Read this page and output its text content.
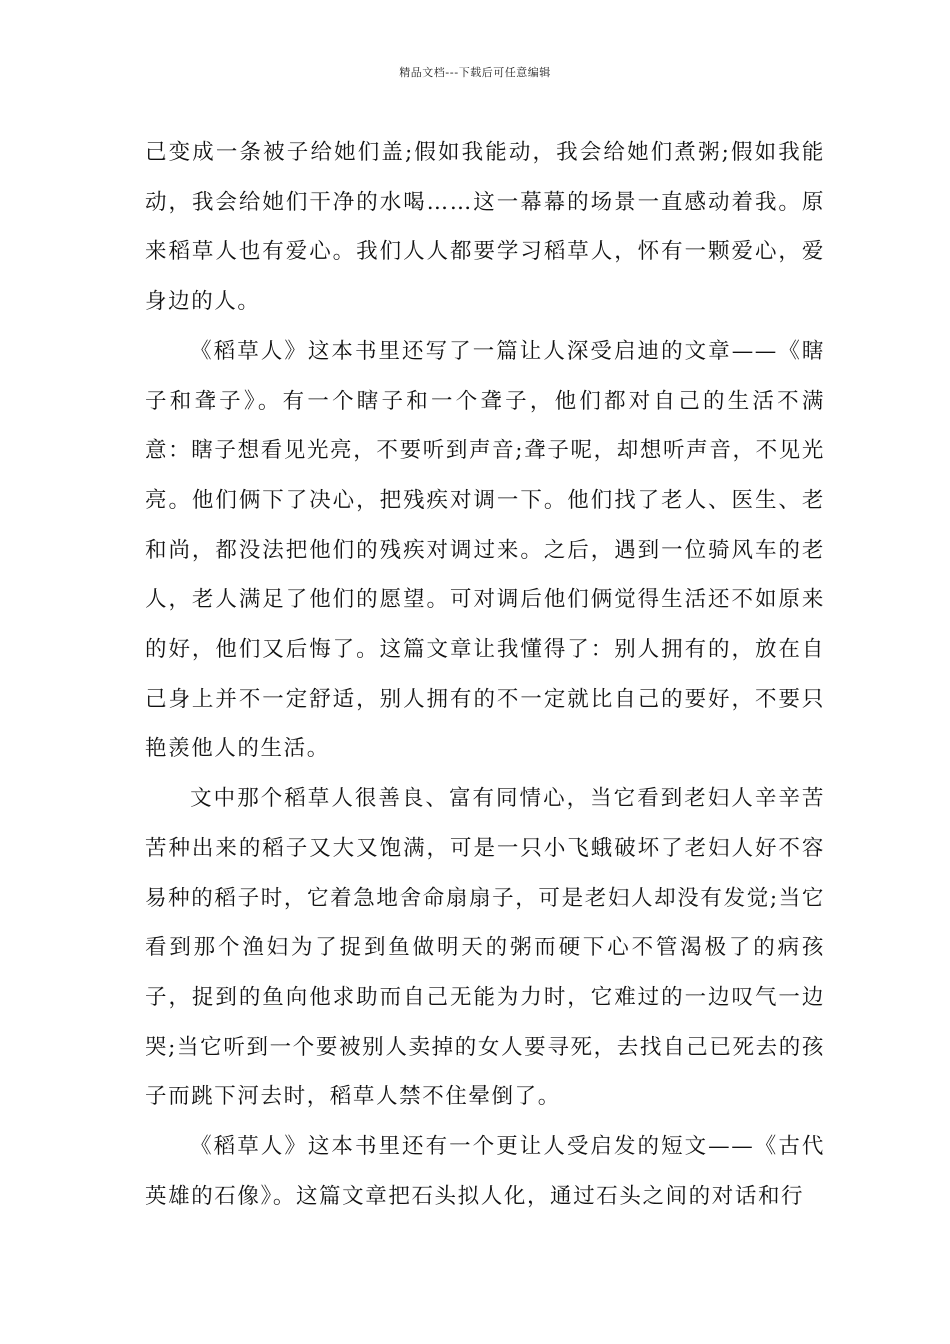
精品文档---下载后可任意编辑

己变成一条被子给她们盖;假如我能动，我会给她们煮粥;假如我能动，我会给她们干净的水喝……这一幕幕的场景一直感动着我。原来稻草人也有爱心。我们人人都要学习稻草人，怀有一颗爱心，爱身边的人。

《稻草人》这本书里还写了一篇让人深受启迪的文章——《瞎子和聋子》。有一个瞎子和一个聋子，他们都对自己的生活不满意：瞎子想看见光亮，不要听到声音;聋子呢，却想听声音，不见光亮。他们俩下了决心，把残疾对调一下。他们找了老人、医生、老和尚，都没法把他们的残疾对调过来。之后，遇到一位骑风车的老人，老人满足了他们的愿望。可对调后他们俩觉得生活还不如原来的好，他们又后悔了。这篇文章让我懂得了：别人拥有的，放在自己身上并不一定舒适，别人拥有的不一定就比自己的要好，不要只艳羡他人的生活。

文中那个稻草人很善良、富有同情心，当它看到老妇人辛辛苦苦种出来的稻子又大又饱满，可是一只小飞蛾破坏了老妇人好不容易种的稻子时，它着急地舍命扇扇子，可是老妇人却没有发觉;当它看到那个渔妇为了捉到鱼做明天的粥而硬下心不管渴极了的病孩子，捉到的鱼向他求助而自己无能为力时，它难过的一边叹气一边哭;当它听到一个要被别人卖掉的女人要寻死，去找自己已死去的孩子而跳下河去时，稻草人禁不住晕倒了。

《稻草人》这本书里还有一个更让人受启发的短文——《古代英雄的石像》。这篇文章把石头拟人化，通过石头之间的对话和行
